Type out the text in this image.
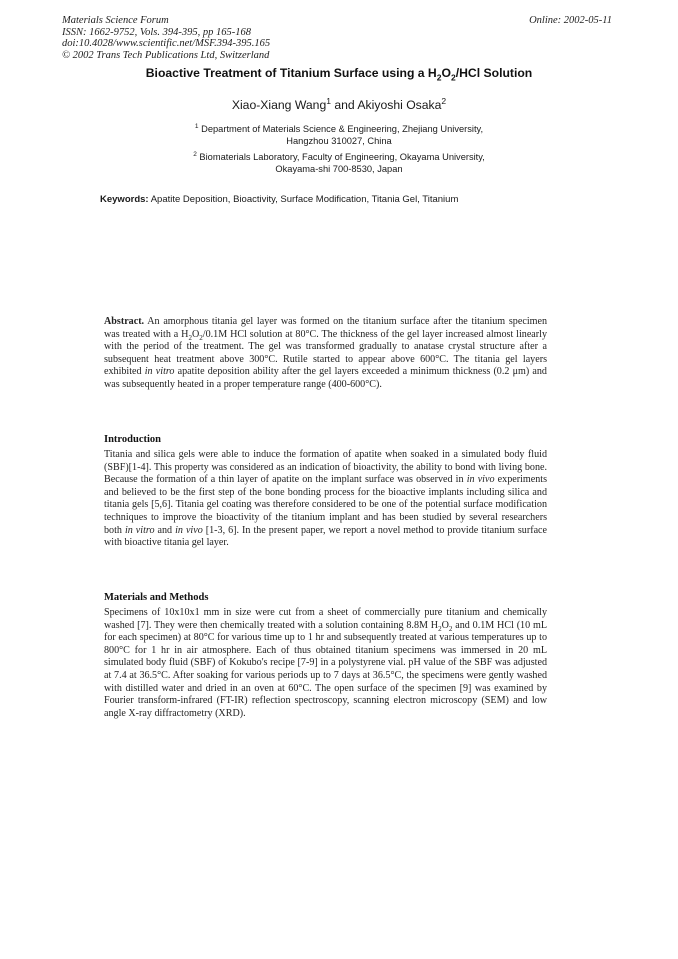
Materials Science Forum
ISSN: 1662-9752, Vols. 394-395, pp 165-168
doi:10.4028/www.scientific.net/MSF.394-395.165
© 2002 Trans Tech Publications Ltd, Switzerland
Online: 2002-05-11
Bioactive Treatment of Titanium Surface using a $H_2O_2$/HCl Solution
Xiao-Xiang Wang$^1$ and Akiyoshi Osaka$^2$
$^1$ Department of Materials Science & Engineering, Zhejiang University,
Hangzhou 310027, China
$^2$ Biomaterials Laboratory, Faculty of Engineering, Okayama University,
Okayama-shi 700-8530, Japan
Keywords: Apatite Deposition, Bioactivity, Surface Modification, Titania Gel, Titanium
Abstract. An amorphous titania gel layer was formed on the titanium surface after the titanium specimen was treated with a $H_2O_2/0.1M$ HCl solution at 80°C. The thickness of the gel layer increased almost linearly with the period of the treatment. The gel was transformed gradually to anatase crystal structure after a subsequent heat treatment above 300°C. Rutile started to appear above 600°C. The titania gel layers exhibited in vitro apatite deposition ability after the gel layers exceeded a minimum thickness (0.2 μm) and was subsequently heated in a proper temperature range (400-600°C).
Introduction
Titania and silica gels were able to induce the formation of apatite when soaked in a simulated body fluid (SBF)[1-4]. This property was considered as an indication of bioactivity, the ability to bond with living bone. Because the formation of a thin layer of apatite on the implant surface was observed in in vivo experiments and believed to be the first step of the bone bonding process for the bioactive implants including silica and titania gels [5,6]. Titania gel coating was therefore considered to be one of the potential surface modification techniques to improve the bioactivity of the titanium implant and has been studied by several researchers both in vitro and in vivo [1-3, 6]. In the present paper, we report a novel method to provide titanium surface with bioactive titania gel layer.
Materials and Methods
Specimens of 10x10x1 mm in size were cut from a sheet of commercially pure titanium and chemically washed [7]. They were then chemically treated with a solution containing 8.8M $H_2O_2$ and 0.1M HCl (10 mL for each specimen) at 80°C for various time up to 1 hr and subsequently treated at various temperatures up to 800°C for 1 hr in air atmosphere. Each of thus obtained titanium specimens was immersed in 20 mL simulated body fluid (SBF) of Kokubo's recipe [7-9] in a polystyrene vial. pH value of the SBF was adjusted at 7.4 at 36.5°C. After soaking for various periods up to 7 days at 36.5°C, the specimens were gently washed with distilled water and dried in an oven at 60°C. The open surface of the specimen [9] was examined by Fourier transform-infrared (FT-IR) reflection spectroscopy, scanning electron microscopy (SEM) and low angle X-ray diffractometry (XRD).
